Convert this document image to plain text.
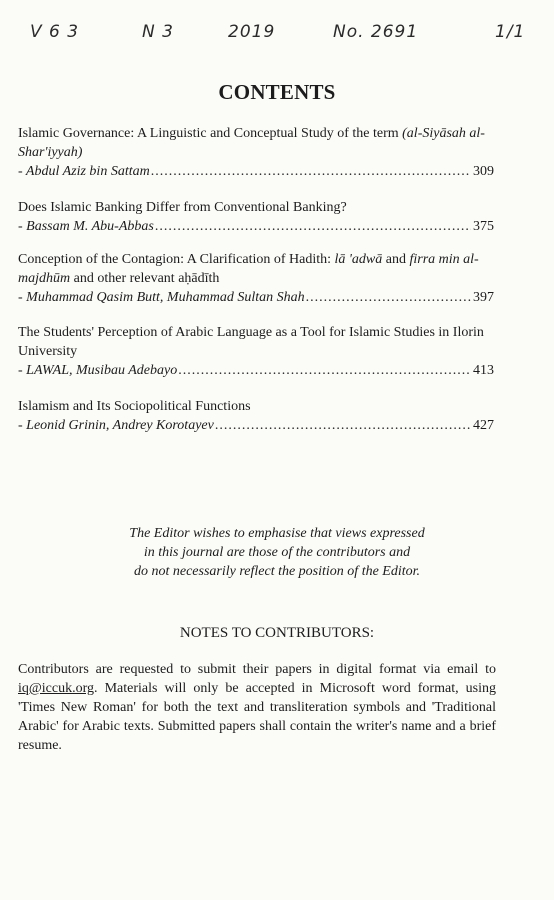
V 6 3	N 3	2019	No. 2691	1/1
CONTENTS
Islamic Governance: A Linguistic and Conceptual Study of the term (al-Siyāsah al- Shar'iyyah)
- Abdul Aziz bin Sattam .....	309
Does Islamic Banking Differ from Conventional Banking?
- Bassam M. Abu-Abbas .....	375
Conception of the Contagion: A Clarification of Hadith: lā 'adwā and firra min al-majdhūm and other relevant aḥādīth
- Muhammad Qasim Butt, Muhammad Sultan Shah .....	397
The Students' Perception of Arabic Language as a Tool for Islamic Studies in Ilorin University
- LAWAL, Musibau Adebayo .....	413
Islamism and Its Sociopolitical Functions
- Leonid Grinin, Andrey Korotayev .....	427
The Editor wishes to emphasise that views expressed
in this journal are those of the contributors and
do not necessarily reflect the position of the Editor.
NOTES TO CONTRIBUTORS:
Contributors are requested to submit their papers in digital format via email to iq@iccuk.org. Materials will only be accepted in Microsoft word format, using 'Times New Roman' for both the text and transliteration symbols and 'Traditional Arabic' for Arabic texts. Submitted papers shall contain the writer's name and a brief resume.
